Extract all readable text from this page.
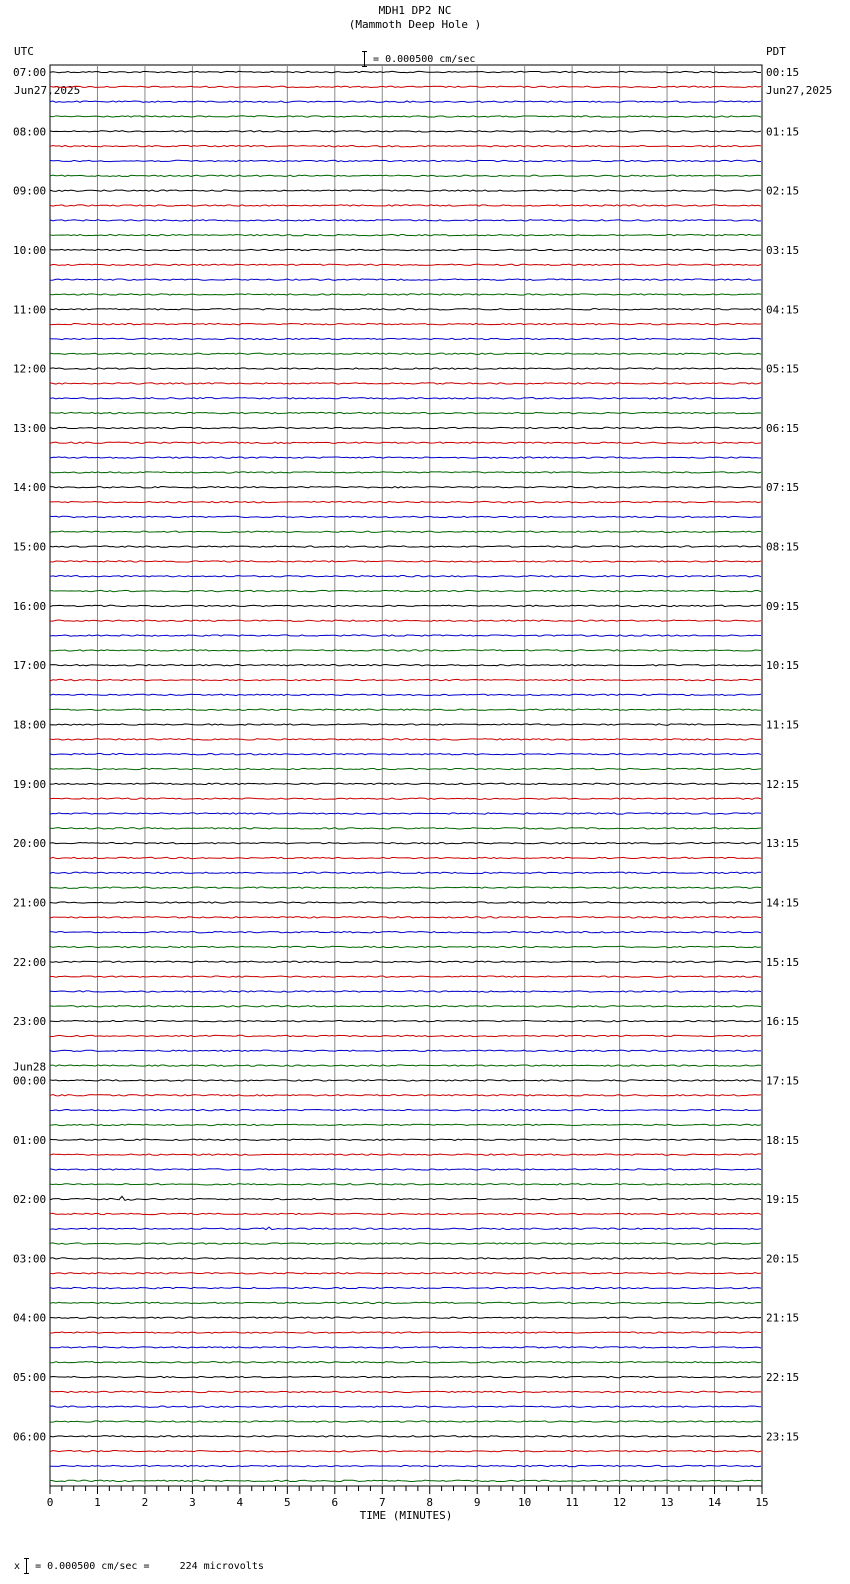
MDH1 DP2 NC
(Mammoth Deep Hole )

UTC

Jun27,2025

PDT

Jun27,2025

= 0.000500 cm/sec

07:00
08:00
09:00
10:00
11:00
12:00
13:00
14:00
15:00
16:00
17:00
18:00
19:00
20:00
21:00
22:00
23:00
00:00
01:00
02:00
03:00
04:00
05:00
06:00
00:15
01:15
02:15
03:15
04:15
05:15
06:15
07:15
08:15
09:15
10:15
11:15
12:15
13:15
14:15
15:15
16:15
17:15
18:15
19:15
20:15
21:15
22:15
23:15
Jun28
0	1	2	3	4	5	6	7	8	9	10	11	12	13	14	15
TIME (MINUTES)

x = 0.000500 cm/sec =     224 microvolts
